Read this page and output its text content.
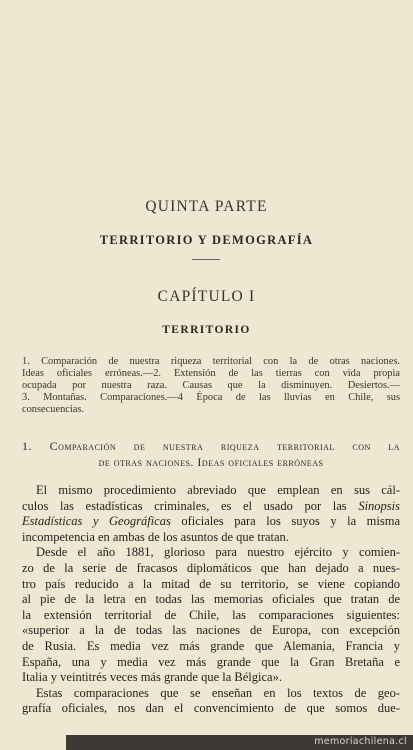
QUINTA PARTE
TERRITORIO Y DEMOGRAFÍA
CAPÍTULO I
TERRITORIO
1. Comparación de nuestra riqueza territorial con la de otras naciones.
Ideas oficiales erróneas.—2. Extensión de las tierras con vida propia
ocupada por nuestra raza. Causas que la disminuyen. Desiertos.—
3. Montañas. Comparaciones.—4 Época de las lluvias en Chile, sus
consecuencias.
1. Comparación de nuestra riqueza territorial con la
de otras naciones. Ideas oficiales erróneas
El mismo procedimiento abreviado que emplean en sus cál-
culos las estadísticas criminales, es el usado por las Sinopsis
Estadísticas y Geográficas oficiales para los suyos y la misma
incompetencia en ambas de los asuntos de que tratan.
Desde el año 1881, glorioso para nuestro ejército y comien-
zo de la serie de fracasos diplomáticos que han dejado a nues-
tro país reducido a la mitad de su territorio, se viene copiando
al pie de la letra en todas las memorias oficiales que tratan de
la extensión territorial de Chile, las comparaciones siguientes:
«superior a la de todas las naciones de Europa, con excepción
de Rusia. Es media vez más grande que Alemania, Francia y
España, una y media vez más grande que la Gran Bretaña e
Italia y veintitrés veces más grande que la Bélgica».
Estas comparaciones que se enseñan en los textos de geo-
grafía oficiales, nos dan el convencimiento de que somos due-
memoriachilena.cl
